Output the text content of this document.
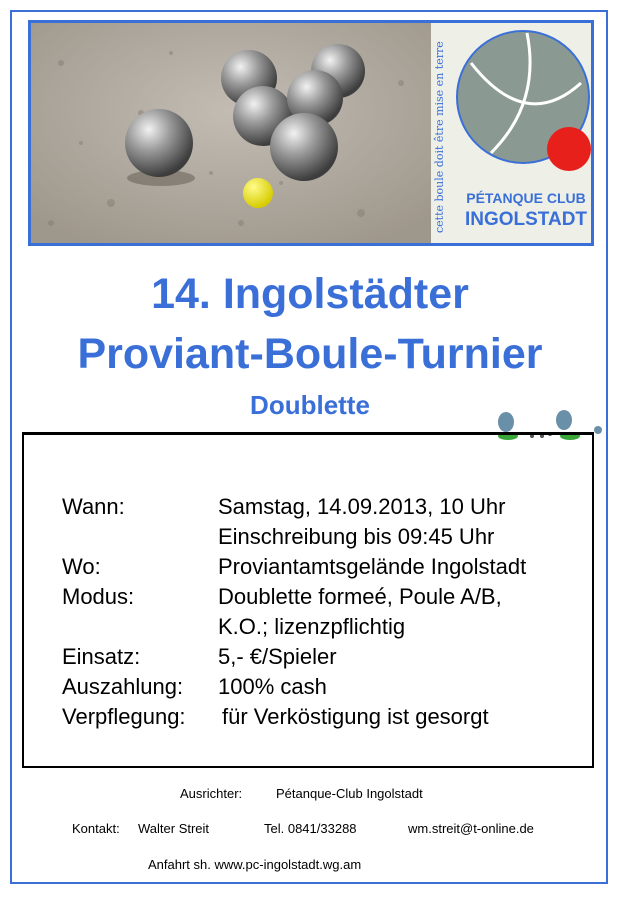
cette boule doit être mise en terre PÉTANQUE CLUB
INGOLSTADT
14. Ingolstädter
Proviant-Boule-Turnier
Doublette
Wann:	Samstag, 14.09.2013, 10 Uhr
Einschreibung bis 09:45 Uhr
Wo:	Proviantamtsgelände Ingolstadt
Modus:	Doublette formeé, Poule A/B,
K.O.; lizenzpflichtig
Einsatz:	5,- €/Spieler
Auszahlung: 100% cash
Verpflegung: für Verköstigung ist gesorgt
Ausrichter:	Pétanque-Club Ingolstadt
Kontakt: Walter Streit	Tel. 0841/33288	wm.streit@t-online.de
Anfahrt sh. www.pc-ingolstadt.wg.am
